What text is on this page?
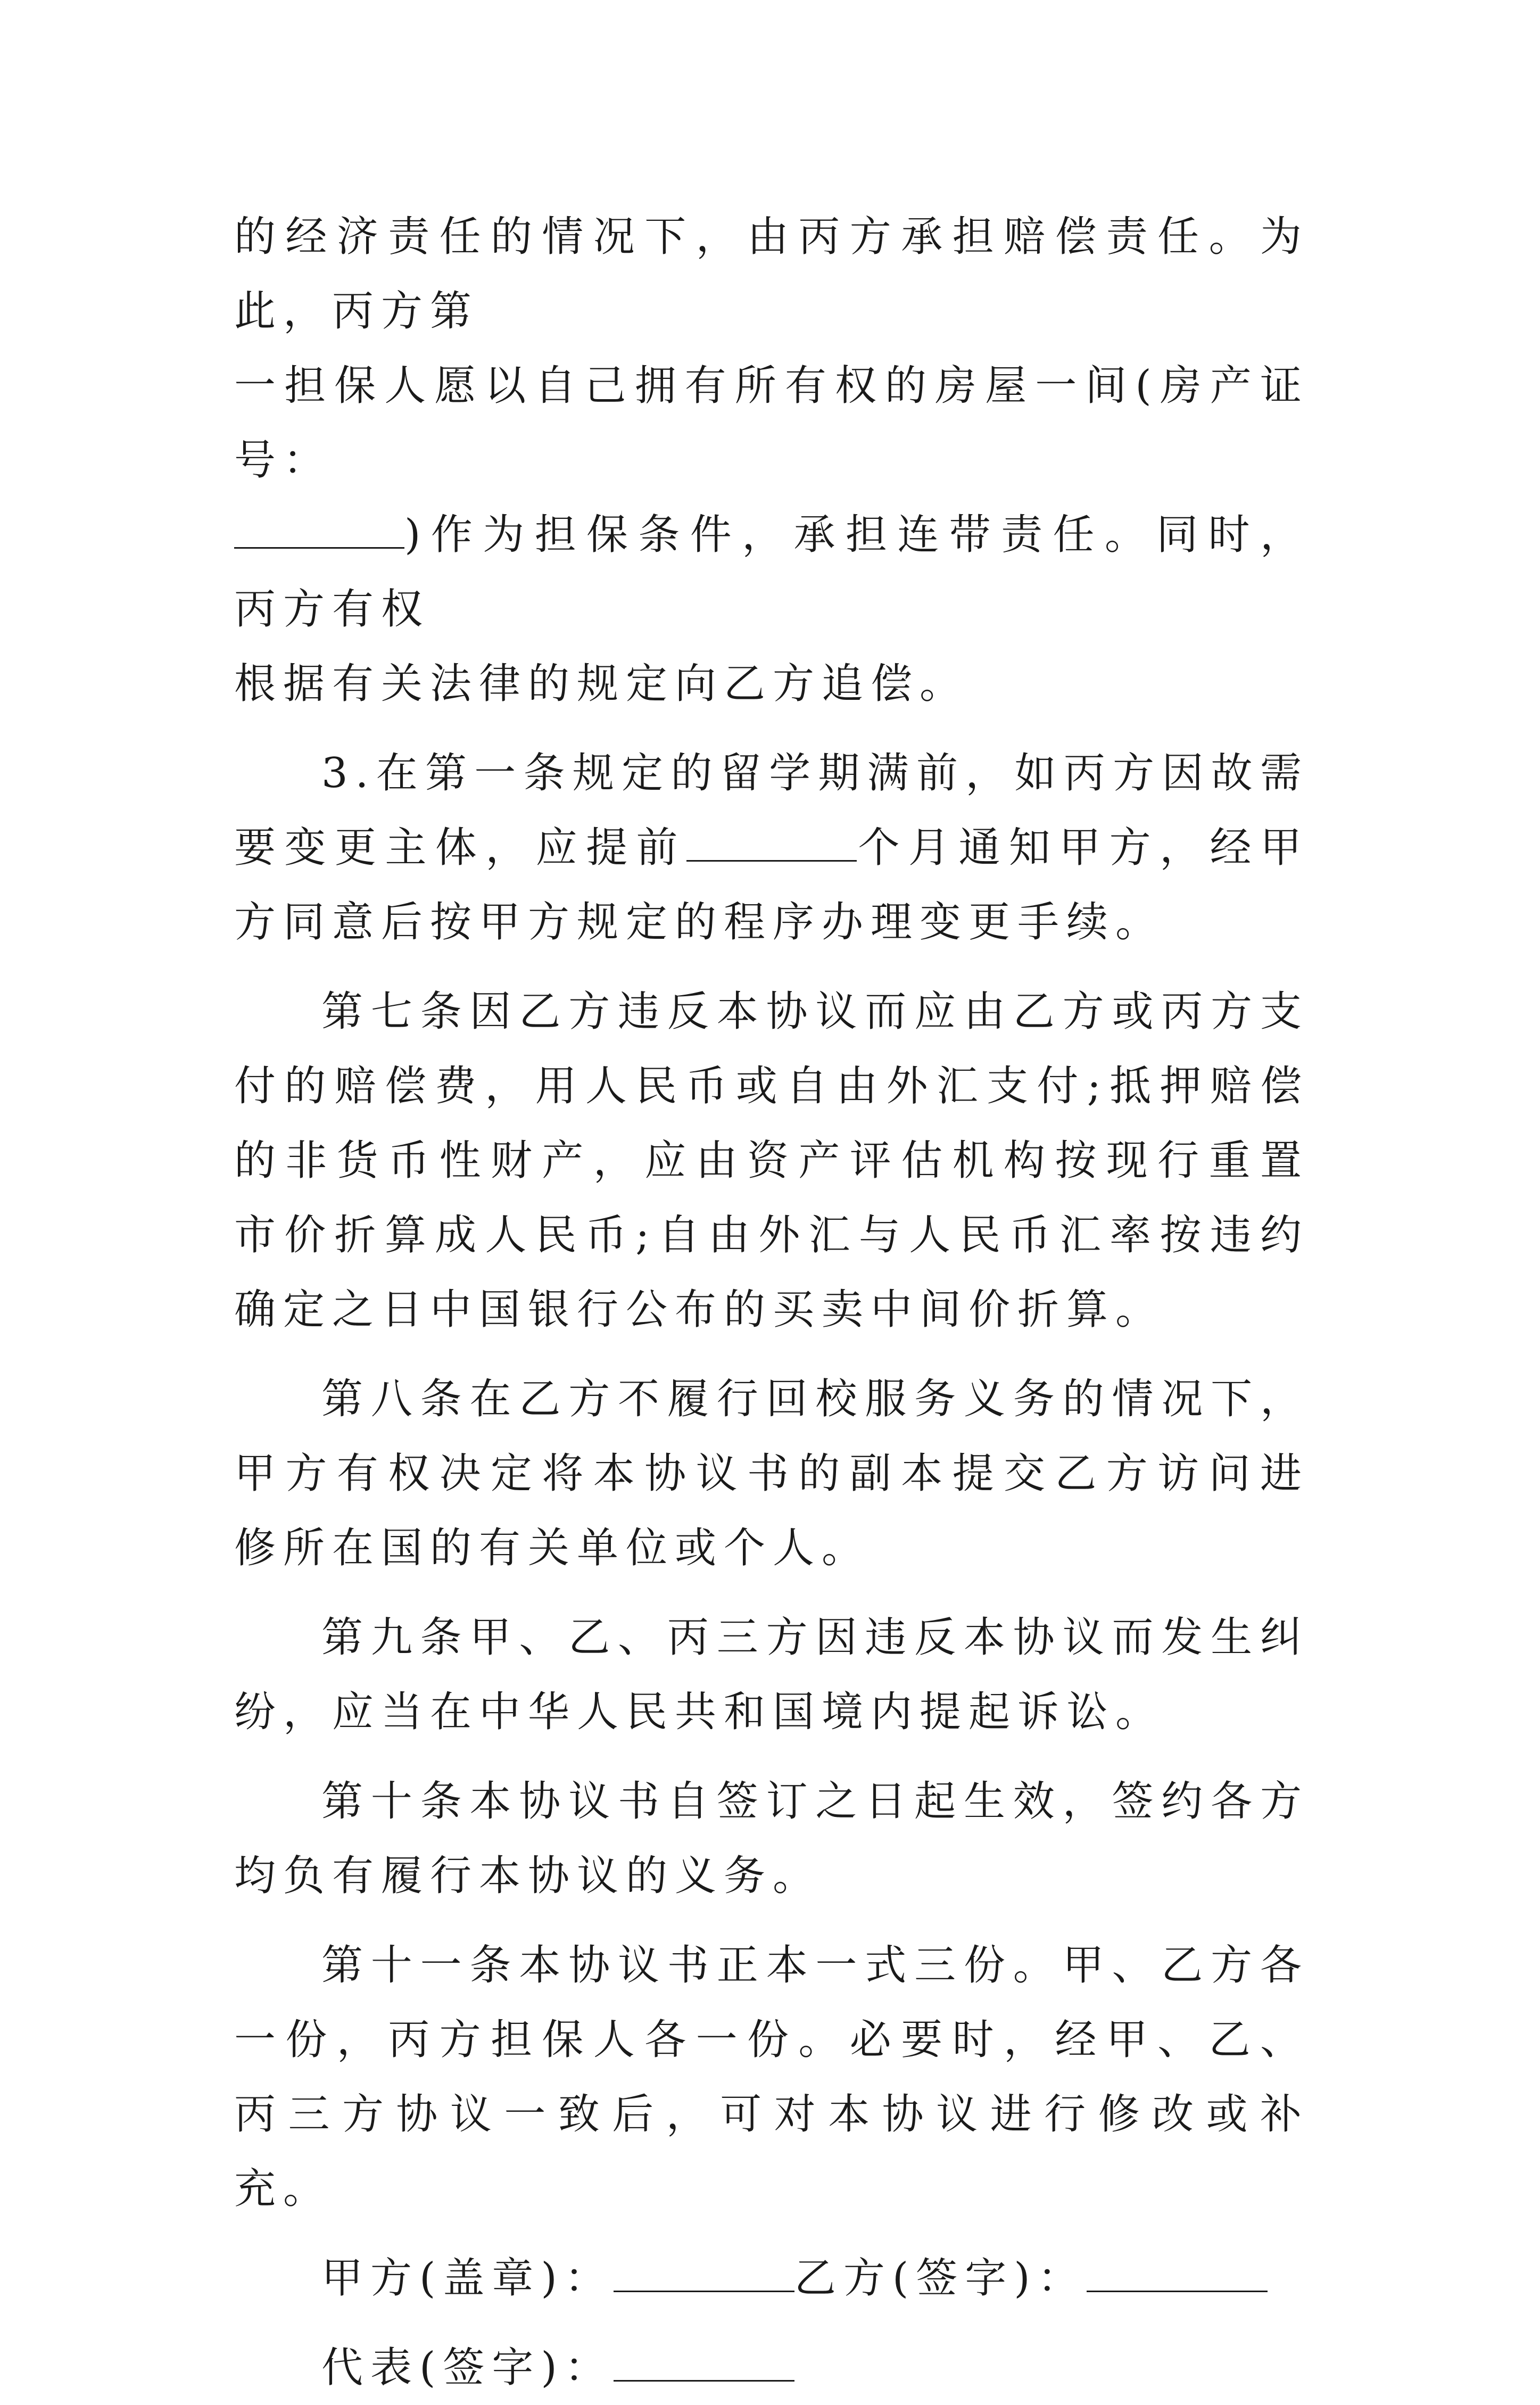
的经济责任的情况下，由丙方承担赔偿责任。为此，丙方第
一担保人愿以自己拥有所有权的房屋一间(房产证号：
)作为担保条件，承担连带责任。同时，丙方有权
根据有关法律的规定向乙方追偿。
3.在第一条规定的留学期满前，如丙方因故需要变更主体，应提前	个月通知甲方，经甲方同意后按甲方规定的程序办理变更手续。
第七条因乙方违反本协议而应由乙方或丙方支付的赔偿费，用人民币或自由外汇支付;抵押赔偿的非货币性财产，应由资产评估机构按现行重置市价折算成人民币;自由外汇与人民币汇率按违约确定之日中国银行公布的买卖中间价折算。
第八条在乙方不履行回校服务义务的情况下，甲方有权决定将本协议书的副本提交乙方访问进修所在国的有关单位或个人。
第九条甲、乙、丙三方因违反本协议而发生纠纷，应当在中华人民共和国境内提起诉讼。
第十条本协议书自签订之日起生效，签约各方均负有履行本协议的义务。
第十一条本协议书正本一式三份。甲、乙方各一份，丙方担保人各一份。必要时，经甲、乙、丙三方协议一致后，可对本协议进行修改或补充。
甲方(盖章)：	乙方(签字)：
代表(签字)：
